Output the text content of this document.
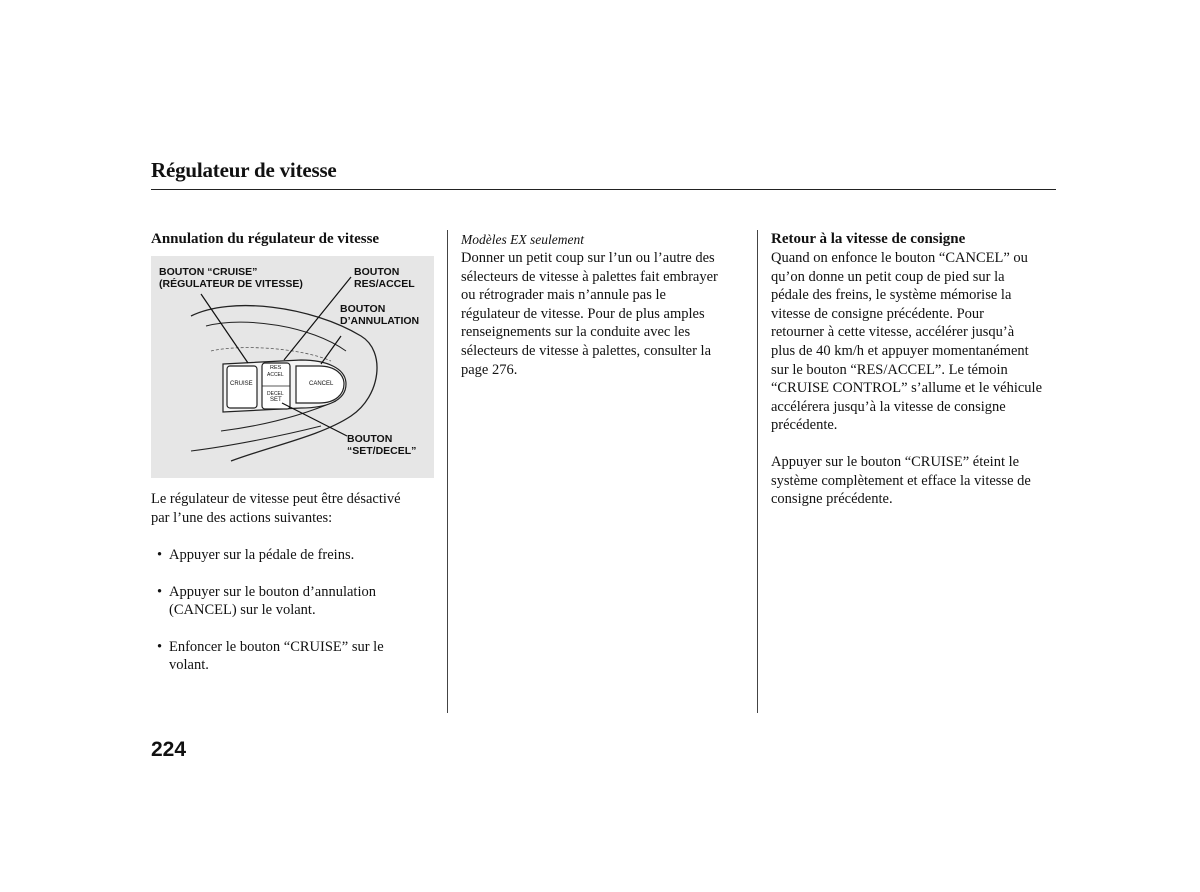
Régulateur de vitesse
Annulation du régulateur de vitesse
BOUTON “CRUISE”
(RÉGULATEUR DE VITESSE)
BOUTON
RES/ACCEL
BOUTON
D’ANNULATION
BOUTON
“SET/DECEL”
CRUISE
RES
ACCEL
DECEL
SET
CANCEL
Le régulateur de vitesse peut être désactivé
par l’une des actions suivantes:
• Appuyer sur la pédale de freins.
• Appuyer sur le bouton d’annulation
(CANCEL) sur le volant.
• Enfoncer le bouton “CRUISE” sur le
volant.
Modèles EX seulement
Donner un petit coup sur l’un ou l’autre des
sélecteurs de vitesse à palettes fait embrayer
ou rétrograder mais n’annule pas le
régulateur de vitesse. Pour de plus amples
renseignements sur la conduite avec les
sélecteurs de vitesse à palettes, consulter la
page 276.
Retour à la vitesse de consigne
Quand on enfonce le bouton “CANCEL” ou
qu’on donne un petit coup de pied sur la
pédale des freins, le système mémorise la
vitesse de consigne précédente. Pour
retourner à cette vitesse, accélérer jusqu’à
plus de 40 km/h et appuyer momentanément
sur le bouton “RES/ACCEL”. Le témoin
“CRUISE CONTROL” s’allume et le véhicule
accélérera jusqu’à la vitesse de consigne
précédente.
Appuyer sur le bouton “CRUISE” éteint le
système complètement et efface la vitesse de
consigne précédente.
224
